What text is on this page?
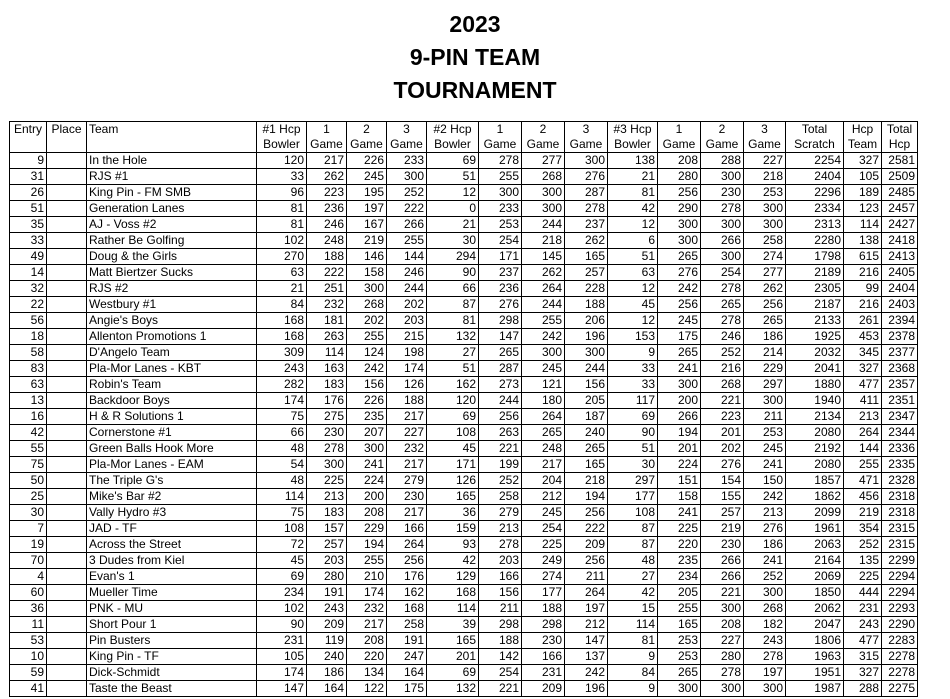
2023
9-PIN TEAM
TOURNAMENT
Entry	Place	Team	#1 Hcp	1	2	3	#2 Hcp	1	2	3	#3 Hcp	1	2	3	Total	Hcp	Total
			Bowler	Game	Game	Game	Bowler	Game	Game	Game	Bowler	Game	Game	Game	Scratch	Team	Hcp
9		In the Hole	120	217	226	233	69	278	277	300	138	208	288	227	2254	327	2581
31		RJS #1	33	262	245	300	51	255	268	276	21	280	300	218	2404	105	2509
26		King Pin - FM SMB	96	223	195	252	12	300	300	287	81	256	230	253	2296	189	2485
51		Generation Lanes	81	236	197	222	0	233	300	278	42	290	278	300	2334	123	2457
35		AJ - Voss #2	81	246	167	266	21	253	244	237	12	300	300	300	2313	114	2427
33		Rather Be Golfing	102	248	219	255	30	254	218	262	6	300	266	258	2280	138	2418
49		Doug & the Girls	270	188	146	144	294	171	145	165	51	265	300	274	1798	615	2413
14		Matt Biertzer Sucks	63	222	158	246	90	237	262	257	63	276	254	277	2189	216	2405
32		RJS #2	21	251	300	244	66	236	264	228	12	242	278	262	2305	99	2404
22		Westbury #1	84	232	268	202	87	276	244	188	45	256	265	256	2187	216	2403
56		Angie's Boys	168	181	202	203	81	298	255	206	12	245	278	265	2133	261	2394
18		Allenton Promotions 1	168	263	255	215	132	147	242	196	153	175	246	186	1925	453	2378
58		D'Angelo Team	309	114	124	198	27	265	300	300	9	265	252	214	2032	345	2377
83		Pla-Mor Lanes - KBT	243	163	242	174	51	287	245	244	33	241	216	229	2041	327	2368
63		Robin's Team	282	183	156	126	162	273	121	156	33	300	268	297	1880	477	2357
13		Backdoor Boys	174	176	226	188	120	244	180	205	117	200	221	300	1940	411	2351
16		H & R Solutions 1	75	275	235	217	69	256	264	187	69	266	223	211	2134	213	2347
42		Cornerstone #1	66	230	207	227	108	263	265	240	90	194	201	253	2080	264	2344
55		Green Balls Hook More	48	278	300	232	45	221	248	265	51	201	202	245	2192	144	2336
75		Pla-Mor Lanes - EAM	54	300	241	217	171	199	217	165	30	224	276	241	2080	255	2335
50		The Triple G's	48	225	224	279	126	252	204	218	297	151	154	150	1857	471	2328
25		Mike's Bar #2	114	213	200	230	165	258	212	194	177	158	155	242	1862	456	2318
30		Vally Hydro #3	75	183	208	217	36	279	245	256	108	241	257	213	2099	219	2318
7		JAD - TF	108	157	229	166	159	213	254	222	87	225	219	276	1961	354	2315
19		Across the Street	72	257	194	264	93	278	225	209	87	220	230	186	2063	252	2315
70		3 Dudes from Kiel	45	203	255	256	42	203	249	256	48	235	266	241	2164	135	2299
4		Evan's 1	69	280	210	176	129	166	274	211	27	234	266	252	2069	225	2294
60		Mueller Time	234	191	174	162	168	156	177	264	42	205	221	300	1850	444	2294
36		PNK - MU	102	243	232	168	114	211	188	197	15	255	300	268	2062	231	2293
11		Short Pour 1	90	209	217	258	39	298	298	212	114	165	208	182	2047	243	2290
53		Pin Busters	231	119	208	191	165	188	230	147	81	253	227	243	1806	477	2283
10		King Pin - TF	105	240	220	247	201	142	166	137	9	253	280	278	1963	315	2278
59		Dick-Schmidt	174	186	134	164	69	254	231	242	84	265	278	197	1951	327	2278
41		Taste the Beast	147	164	122	175	132	221	209	196	9	300	300	300	1987	288	2275
